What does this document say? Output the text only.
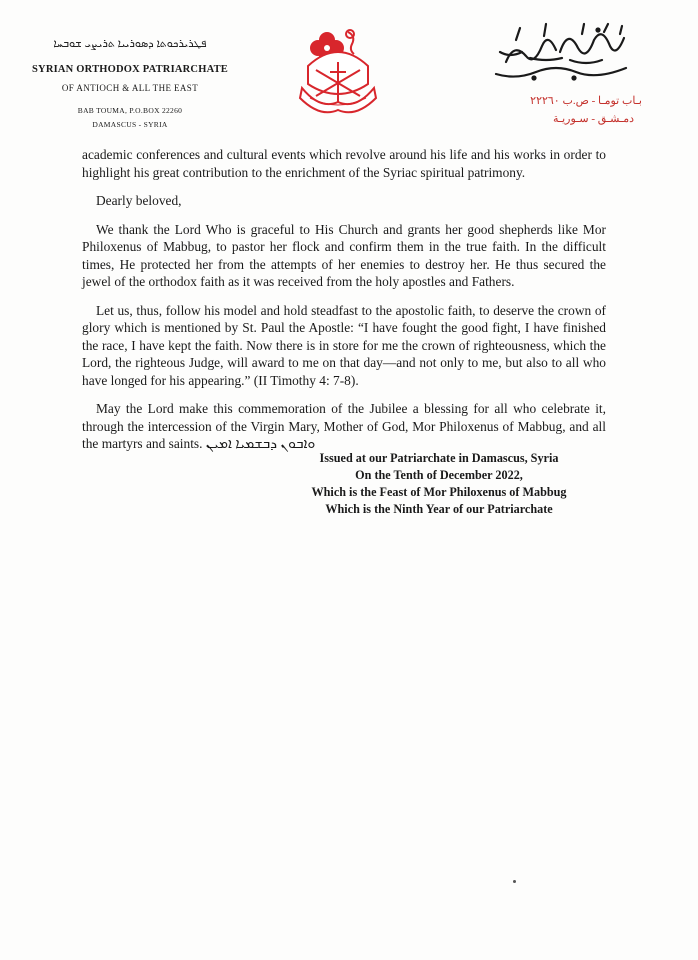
ܦܛܪܝܪܟܘܬܐ ܕܣܘܪܝܝܐ ܬܪܝܨܝ ܫܘܒܚܐ
SYRIAN ORTHODOX PATRIARCHATE
OF ANTIOCH & ALL THE EAST
BAB TOUMA, P.O.BOX 22260
DAMASCUS - SYRIA
بـاب تومـا - ص.ب ٢٢٢٦٠
دمـشـق - سـوريـة

academic conferences and cultural events which revolve around his life and his works in order to highlight his great contribution to the enrichment of the Syriac spiritual patrimony.

Dearly beloved,

We thank the Lord Who is graceful to His Church and grants her good shepherds like Mor Philoxenus of Mabbug, to pastor her flock and confirm them in the true faith. In the difficult times, He protected her from the attempts of her enemies to destroy her. He thus secured the jewel of the orthodox faith as it was received from the holy apostles and Fathers.

Let us, thus, follow his model and hold steadfast to the apostolic faith, to deserve the crown of glory which is mentioned by St. Paul the Apostle: “I have fought the good fight, I have finished the race, I have kept the faith. Now there is in store for me the crown of righteousness, which the Lord, the righteous Judge, will award to me on that day—and not only to me, but also to all who have longed for his appearing.” (II Timothy 4: 7-8).

May the Lord make this commemoration of the Jubilee a blessing for all who celebrate it, through the intercession of the Virgin Mary, Mother of God, Mor Philoxenus of Mabbug, and all the martyrs and saints. ܘܐܒܘܢ ܕܒܫܡܝܐ ܐܡܝܢ

Issued at our Patriarchate in Damascus, Syria
On the Tenth of December 2022,
Which is the Feast of Mor Philoxenus of Mabbug
Which is the Ninth Year of our Patriarchate
